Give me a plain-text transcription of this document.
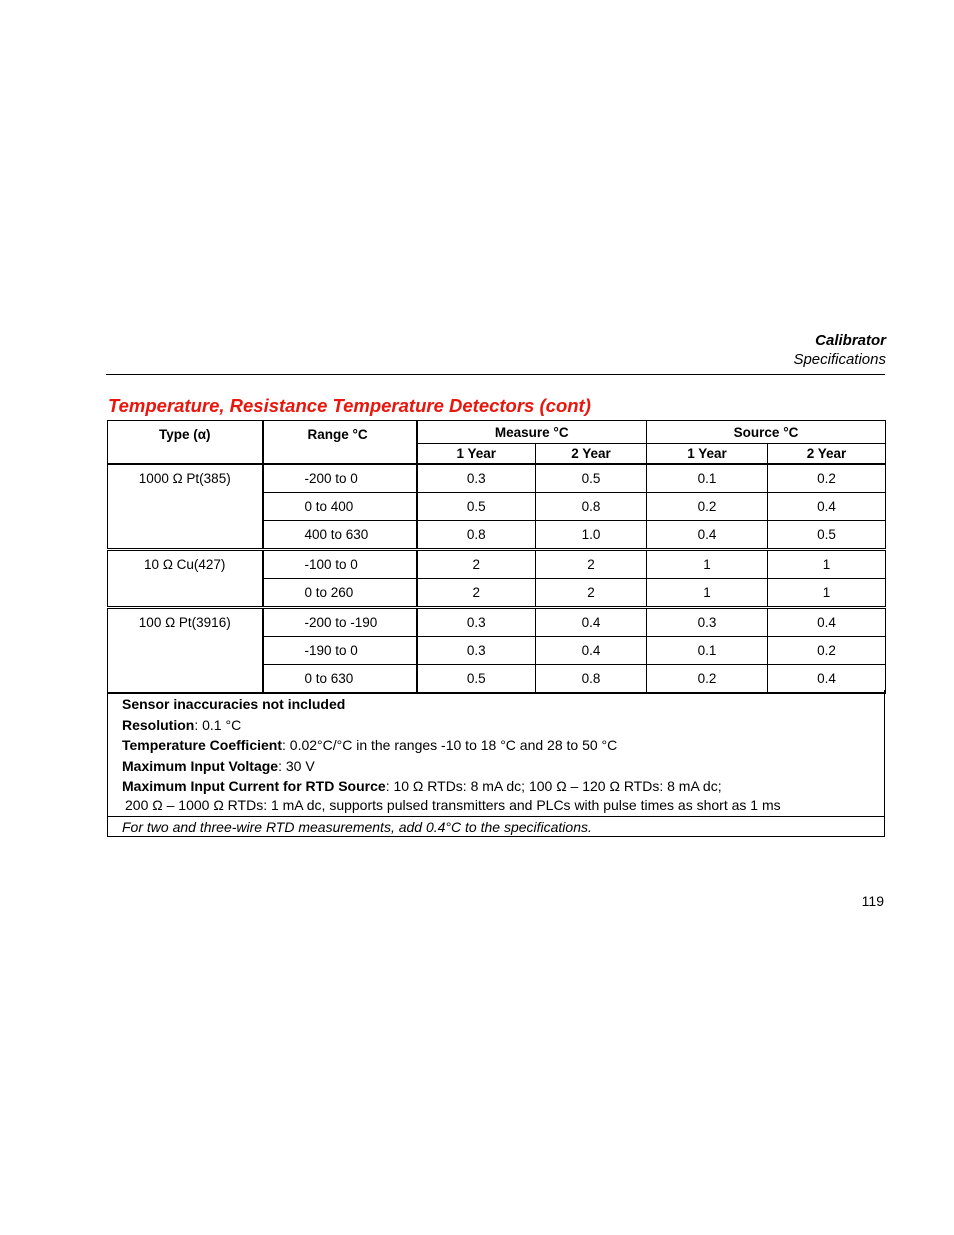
Calibrator
Specifications
Temperature, Resistance Temperature Detectors (cont)
Type (α)	Range °C	Measure °C		Source °C	
		1 Year	2 Year	1 Year	2 Year
1000 Ω Pt(385)	-200 to 0	0.3	0.5	0.1	0.2
	0 to 400	0.5	0.8	0.2	0.4
	400 to 630	0.8	1.0	0.4	0.5
10 Ω Cu(427)	-100 to 0	2	2	1	1
	0 to 260	2	2	1	1
100 Ω Pt(3916)	-200 to -190	0.3	0.4	0.3	0.4
	-190 to 0	0.3	0.4	0.1	0.2
	0 to 630	0.5	0.8	0.2	0.4
Sensor inaccuracies not included
Resolution: 0.1 °C
Temperature Coefficient: 0.02°C/°C in the ranges -10 to 18 °C and 28 to 50 °C
Maximum Input Voltage: 30 V
Maximum Input Current for RTD Source: 10 Ω RTDs: 8 mA dc; 100 Ω – 120 Ω RTDs: 8 mA dc;
200 Ω – 1000 Ω RTDs: 1 mA dc, supports pulsed transmitters and PLCs with pulse times as short as 1 ms
For two and three-wire RTD measurements, add 0.4°C to the specifications.
119
